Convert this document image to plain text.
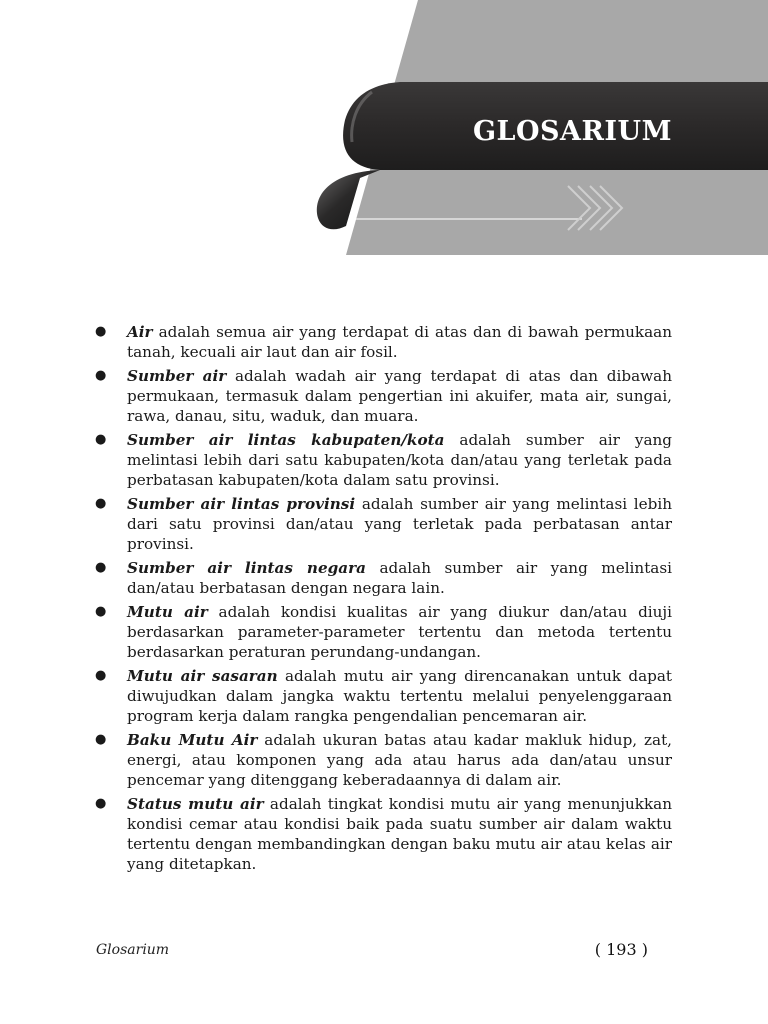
GLOSARIUM
● Air adalah semua air yang terdapat di atas dan di bawah permukaan tanah, kecuali air laut dan air fosil.
● Sumber air adalah wadah air yang terdapat di atas dan dibawah permukaan, termasuk dalam pengertian ini akuifer, mata air, sungai, rawa, danau, situ, waduk, dan muara.
● Sumber air lintas kabupaten/kota adalah sumber air yang melintasi lebih dari satu kabupaten/kota dan/atau yang terletak pada perbatasan kabupaten/kota dalam satu provinsi.
● Sumber air lintas provinsi adalah sumber air yang melintasi lebih dari satu provinsi dan/atau yang terletak pada perbatasan antar provinsi.
● Sumber air lintas negara adalah sumber air yang melintasi dan/atau berbatasan dengan negara lain.
● Mutu air adalah kondisi kualitas air yang diukur dan/atau diuji berdasarkan parameter-parameter tertentu dan metoda tertentu berdasarkan peraturan perundang-undangan.
● Mutu air sasaran adalah mutu air yang direncanakan untuk dapat diwujudkan dalam jangka waktu tertentu melalui penyelenggaraan program kerja dalam rangka pengendalian pencemaran air.
● Baku Mutu Air adalah ukuran batas atau kadar makluk hidup, zat, energi, atau komponen yang ada atau harus ada dan/atau unsur pencemar yang ditenggang keberadaannya di dalam air.
● Status mutu air adalah tingkat kondisi mutu air yang menunjukkan kondisi cemar atau kondisi baik pada suatu sumber air dalam waktu tertentu dengan membandingkan dengan baku mutu air atau kelas air yang ditetapkan.
Glosarium	( 193 )
